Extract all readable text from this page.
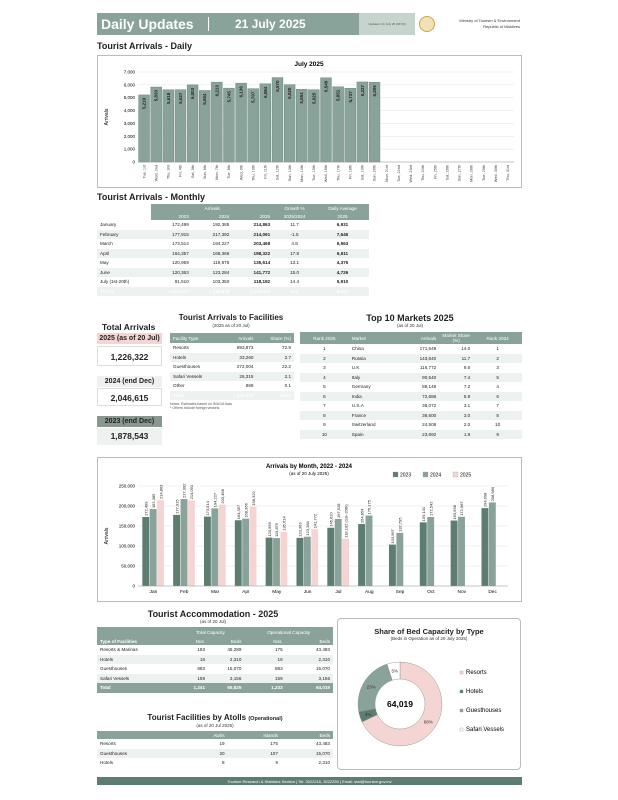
Daily Updates	21 July 2025	Updated: 21 July 25 (06:53)
Ministry of Tourism & Environment
Republic of Maldives
Tourist Arrivals - Daily
July 2025
Arrivals
0
1,000
2,000
3,000
4,000
5,000
6,000
7,000
5,219
Tue, 1st
5,833
Wed, 2nd
5,618
Thu, 3rd
5,627
Fri, 4th
6,003
Sat, 5th
5,564
Sun, 6th
6,213
Mon, 7th
5,745
Tue, 8th
6,136
Wed, 9th
5,707
Thu, 10th
6,084
Fri, 11th
6,570
Sat, 12th
6,020
Sun, 13th
5,654
Mon, 14th
5,625
Tue, 15th
6,549
Wed, 16th
5,851
Thu, 17th
5,737
Fri, 18th
6,227
Sat, 19th
6,205
Sun, 20th Mon, 21st Tue, 22nd Wed, 23rd Thu, 24th Fri, 25th Sat, 26th Sun, 27th Mon, 28th Tue, 29th Wed, 30th Thu, 31st
Tourist Arrivals - Monthly
	Arrivals			Growth %	Daily Average
	2023	2024	2025	2025/2024	2025
January	172,499	192,385	214,863	11.7	6,931
February	177,915	217,392	214,091	-1.5	7,646
March	173,514	194,227	203,468	4.8	6,563
April	164,357	168,366	198,322	17.8	6,611
May	120,959	119,875	135,614	13.1	4,375
June	120,363	123,284	141,772	15.0	4,726
July (1st-20th)	91,510	103,350	118,192	14.4	5,910
TOTAL	1,021,117	1,118,879	1,226,322	9.6	6,101
Total Arrivals
2025 (as of 20 Jul)
1,226,322
2024 (end Dec)
2,046,615
2023 (end Dec)
1,878,543
Tourist Arrivals to Facilities
(2025 as of 20 Jul)
Facility Type	Arrivals	Share (%)
Resorts	893,873	72.9
Hotels	33,260	2.7
Guesthouses	272,004	22.2
Safari Vessels	26,315	2.1
Other	869	0.1
Total	1,226,322	100.0
Notes: Estimates based on IMUGA data
* Others include foreign vessels
Top 10 Markets 2025
(as of 20 Jul)
Rank 2025	Market	Arrivals	Market Share (%)	Rank 2024
1	China	171,649	14.0	1
2	Russia	143,840	11.7	2
3	U.K	116,772	9.5	3
4	Italy	90,540	7.4	5
5	Germany	88,148	7.2	4
6	India	72,686	5.9	6
7	U.S.A	38,072	3.1	7
8	France	36,600	3.0	8
9	Switzerland	24,508	2.0	10
10	Spain	23,692	1.9	9
Arrivals by Month, 2022 - 2024
(as of 20 July 2025)
Arrivals
2023	2024	2025
0
50,000
100,000
150,000
200,000
250,000
172,499
192,385
214,863
Jan
177,915
217,392 214,091
Feb
173,514
194,227 203,468
Mar
164,357 168,366
198,322
Apr
120,959 119,875 135,614
May
120,363 123,284
141,772
Jun
145,620
167,528 118,192 (1st–20th)
Jul
154,854
176,175
Aug
103,567
132,795
Sep
159,141 172,542
Oct
163,658 172,987
Nov
194,698 208,980
Dec
Tourist Accommodation - 2025
(as of 20 Jul)
	Total Capacity		Operational Capacity	
Type of Facilities	Nos.	Beds	Nos.	Beds
Resorts & Marinas	183	45,289	175	43,483
Hotels	16	2,310	16	2,310
Guesthouses	883	15,070	883	15,070
Safari Vessels	159	3,156	159	3,156
Total	1,241	65,825	1,233	64,019
Tourist Facilities by Atolls (Operational)
(as of 20 Jul 2025)
	Atolls	Islands	Beds
Resorts	19	175	43,483
Guesthouses	20	107	15,070
Hotels	8	9	2,310
Share of Bed Capacity by Type
(Beds in Operation as of 20 July 2025)
68%
4%
23%
5%
64,019
Resorts
Hotels
Guesthouses
Safari Vessels
Tourism Research & Statistics Section | Tel: 3022216, 3022250 | Email: stat@tourism.gov.mv
